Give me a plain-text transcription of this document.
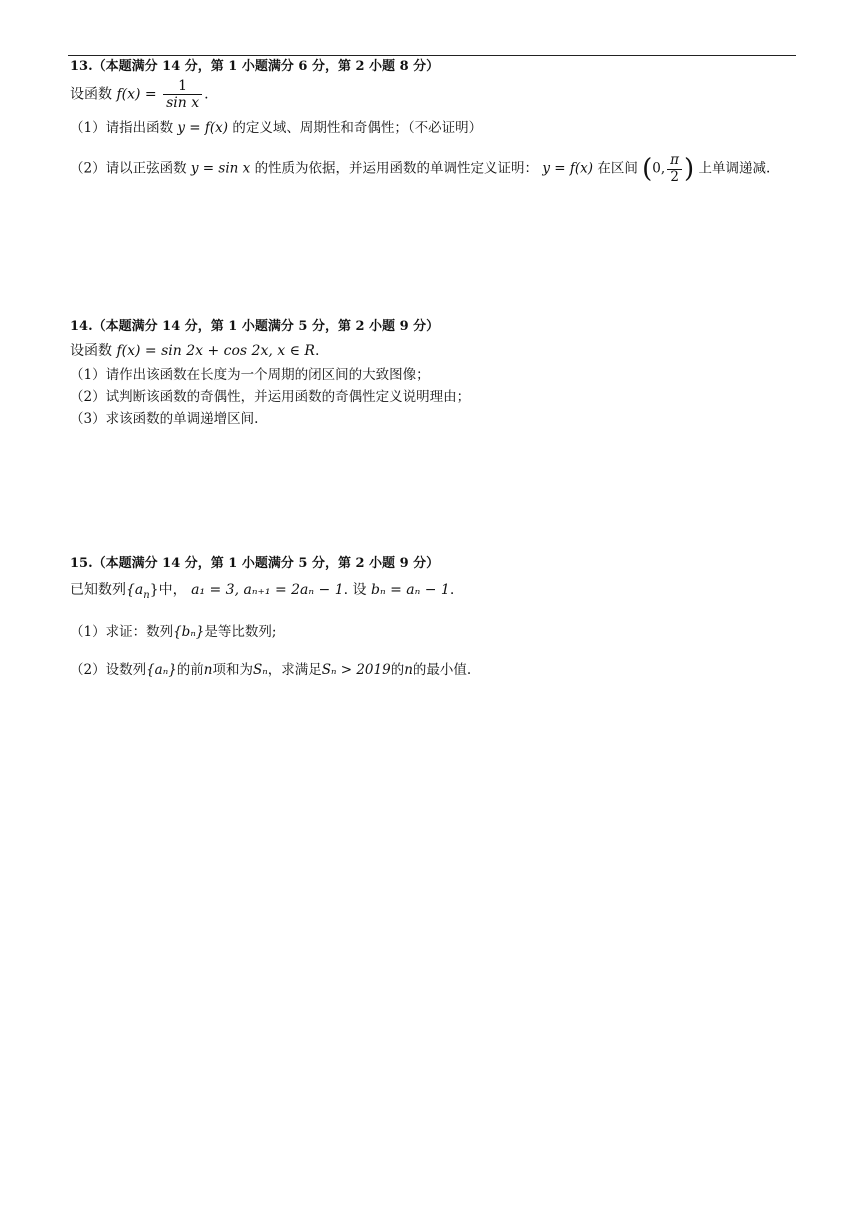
13.（本题满分 14 分，第 1 小题满分 6 分，第 2 小题 8 分）
设函数 $f(x) = \frac{1}{\text{sin x}}$ .
（1）请指出函数 y = f(x) 的定义域、周期性和奇偶性；（不必证明）
（2）请以正弦函数 y = sin x 的性质为依据，并运用函数的单调性定义证明： y = f(x) 在区间 (0, $\frac{\pi}{2}$ ) 上单调递减.
14.（本题满分 14 分，第 1 小题满分 5 分，第 2 小题 9 分）
设函数 f(x) = sin 2x + cos 2x, x ∈ R.
（1）请作出该函数在长度为一个周期的闭区间的大致图像；
（2）试判断该函数的奇偶性，并运用函数的奇偶性定义说明理由；
（3）求该函数的单调递增区间.
15.（本题满分 14 分，第 1 小题满分 5 分，第 2 小题 9 分）
已知数列$\{a_n\}$中， a₁ = 3, aₙ₊₁ = 2aₙ − 1. 设 bₙ = aₙ − 1.
（1）求证：数列{bₙ}是等比数列;
（2）设数列{aₙ}的前n项和为Sₙ，求满足Sₙ > 2019的n的最小值.
